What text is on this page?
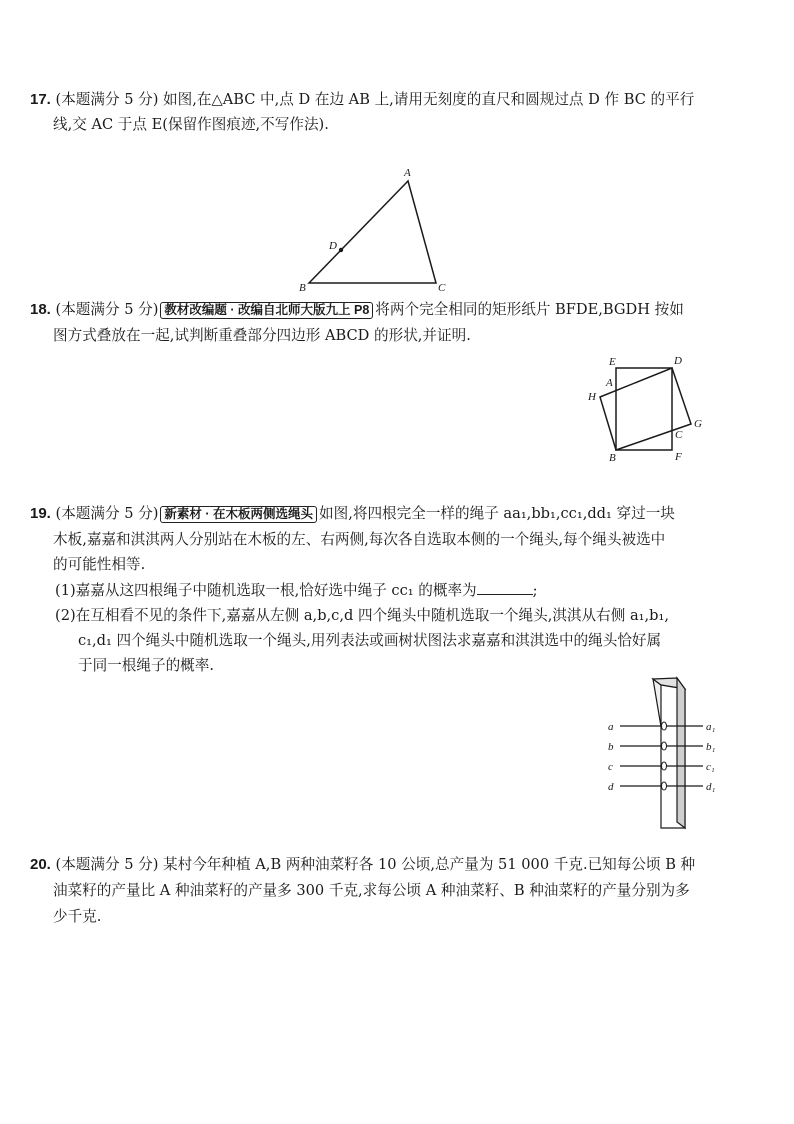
17. (本题满分 5 分) 如图,在△ABC 中,点 D 在边 AB 上,请用无刻度的直尺和圆规过点 D 作 BC 的平行
线,交 AC 于点 E(保留作图痕迹,不写作法).
A
B	C
D
18. (本题满分 5 分) 教材改编题 · 改编自北师大版九上 P8 将两个完全相同的矩形纸片 BFDE,BGDH 按如
图方式叠放在一起,试判断重叠部分四边形 ABCD 的形状,并证明.
E	D
A
H
G
C
B	F
19. (本题满分 5 分) 新素材 · 在木板两侧选绳头 如图,将四根完全一样的绳子 aa₁,bb₁,cc₁,dd₁ 穿过一块
木板,嘉嘉和淇淇两人分别站在木板的左、右两侧,每次各自选取本侧的一个绳头,每个绳头被选中
的可能性相等.
(1)嘉嘉从这四根绳子中随机选取一根,恰好选中绳子 cc₁ 的概率为	;
(2)在互相看不见的条件下,嘉嘉从左侧 a,b,c,d 四个绳头中随机选取一个绳头,淇淇从右侧 a₁,b₁,
c₁,d₁ 四个绳头中随机选取一个绳头,用列表法或画树状图法求嘉嘉和淇淇选中的绳头恰好属
于同一根绳子的概率.
a
b
c
d
a₁
b₁
c₁
d₁
20. (本题满分 5 分) 某村今年种植 A,B 两种油菜籽各 10 公顷,总产量为 51 000 千克.已知每公顷 B 种
油菜籽的产量比 A 种油菜籽的产量多 300 千克,求每公顷 A 种油菜籽、B 种油菜籽的产量分别为多
少千克.
